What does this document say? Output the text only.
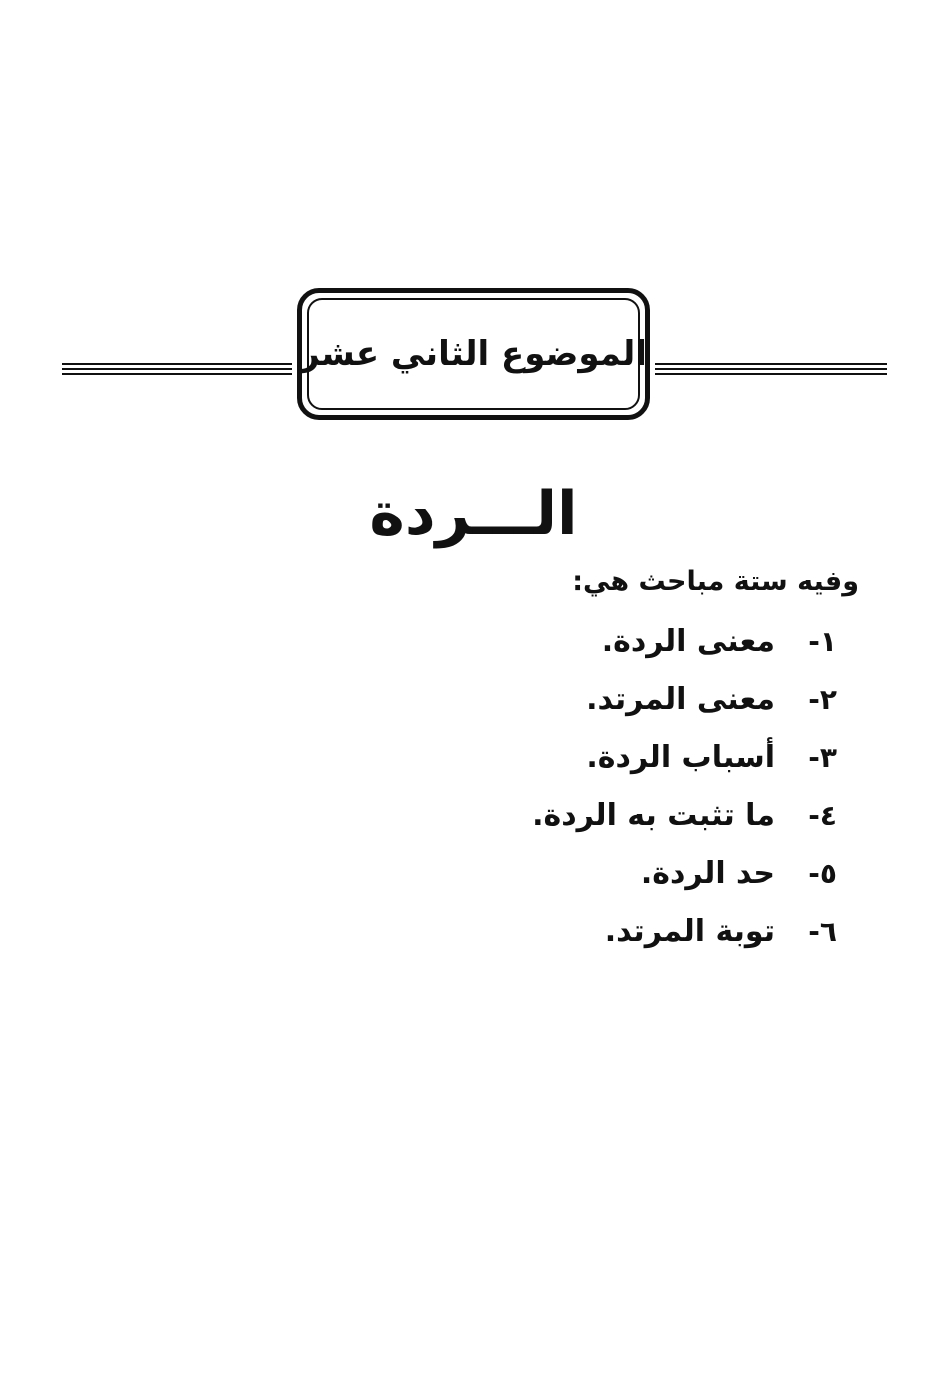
الموضوع الثاني عشر
الـــردة
وفيه ستة مباحث هي:
١-
معنى الردة.
٢-
معنى المرتد.
٣-
أسباب الردة.
٤-
ما تثبت به الردة.
٥-
حد الردة.
٦-
توبة المرتد.
